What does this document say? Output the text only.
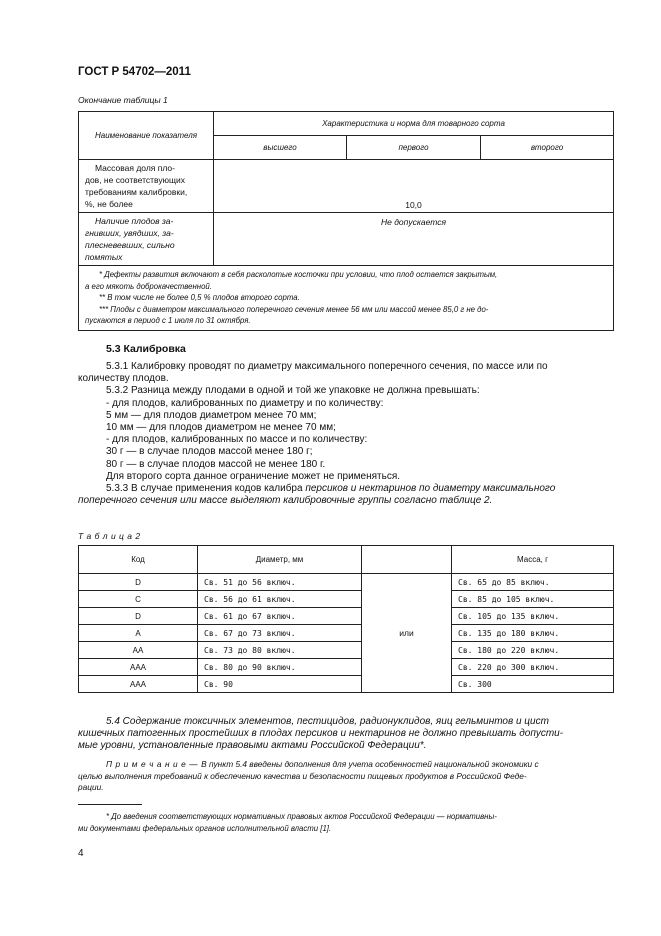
ГОСТ Р 54702—2011
Окончание таблицы 1
Наименование показателя	Характеристика и норма для товарного сорта		
	высшего	первого	второго

Массовая доля пло-
дов, не соответствующих
требованиям калибровки,
%, не более	10,0		

Наличие плодов за-
гнивших, увядших, за-
плесневевших, сильно
помятых	Не допускается		

* Дефекты развития включают в себя расколотые косточки при условии, что плод остается закрытым,
а его мякоть доброкачественной.
** В том числе не более 0,5 % плодов второго сорта.
*** Плоды с диаметром максимального поперечного сечения менее 56 мм или массой менее 85,0 г не до-
пускаются в период с 1 июля по 31 октября.			
5.3 Калибровка

5.3.1 Калибровку проводят по диаметру максимального поперечного сечения, по массе или по

количеству плодов.

5.3.2 Разница между плодами в одной и той же упаковке не должна превышать:

- для плодов, калиброванных по диаметру и по количеству:

5 мм — для плодов диаметром менее 70 мм;

10 мм — для плодов диаметром не менее 70 мм;

- для плодов, калиброванных по массе и по количеству:

30 г — в случае плодов массой менее 180 г;

80 г — в случае плодов массой не менее 180 г.

Для второго сорта данное ограничение может не применяться.

5.3.3 В случае применения кодов калибра персиков и нектаринов по диаметру максимального

поперечного сечения или массе выделяют калибровочные группы согласно таблице 2.

Т а б л и ц а 2
Код	Диаметр, мм		Масса, г
D	Св. 51 до 56 включ.	или	Св. 65 до 85 включ.
C	Св. 56 до 61 включ.		Св. 85 до 105 включ.
D	Св. 61 до 67 включ.		Св. 105 до 135 включ.
A	Св. 67 до 73 включ.		Св. 135 до 180 включ.
AA	Св. 73 до 80 включ.		Св. 180 до 220 включ.
AAA	Св. 80 до 90 включ.		Св. 220 до 300 включ.
AAA	Св. 90		Св. 300

5.4 Содержание токсичных элементов, пестицидов, радионуклидов, яиц гельминтов и цист

кишечных патогенных простейших в плодах персиков и нектаринов не должно превышать допусти-

мые уровни, установленные правовыми актами Российской Федерации*.

П р и м е ч а н и е — В пункт 5.4 введены дополнения для учета особенностей национальной экономики с

целью выполнения требований к обеспечению качества и безопасности пищевых продуктов в Российской Феде-

рации.

* До введения соответствующих нормативных правовых актов Российской Федерации — нормативны-

ми документами федеральных органов исполнительной власти [1].

4
